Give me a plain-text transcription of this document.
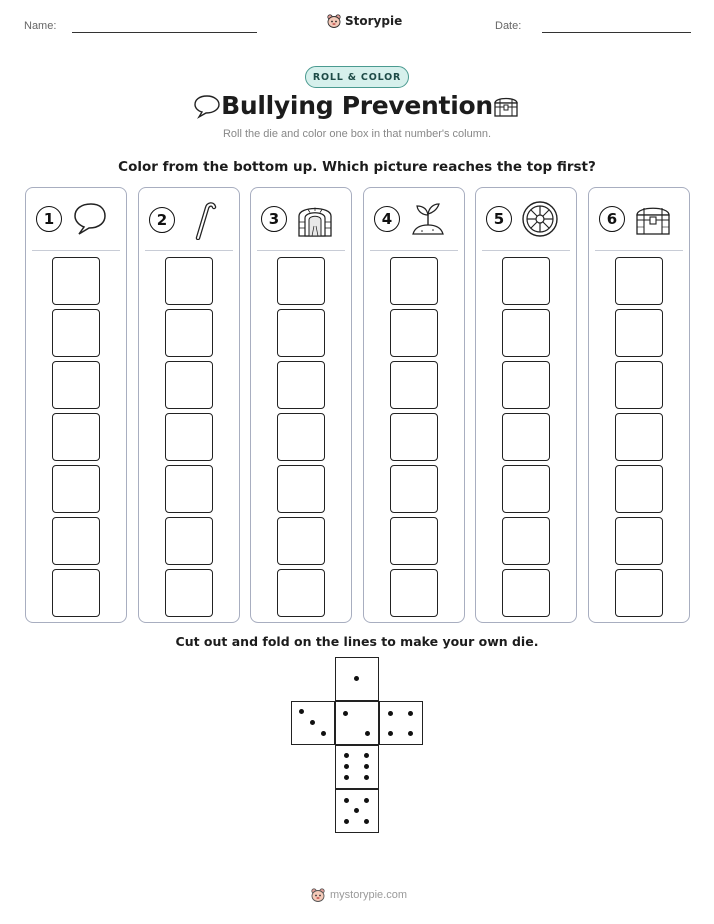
Name:	Storypie	Date:
ROLL & COLOR
Bullying Prevention
Roll the die and color one box in that number's column.
Color from the bottom up. Which picture reaches the top first?
1	2	3	4	5	6
Cut out and fold on the lines to make your own die.
mystorypie.com
